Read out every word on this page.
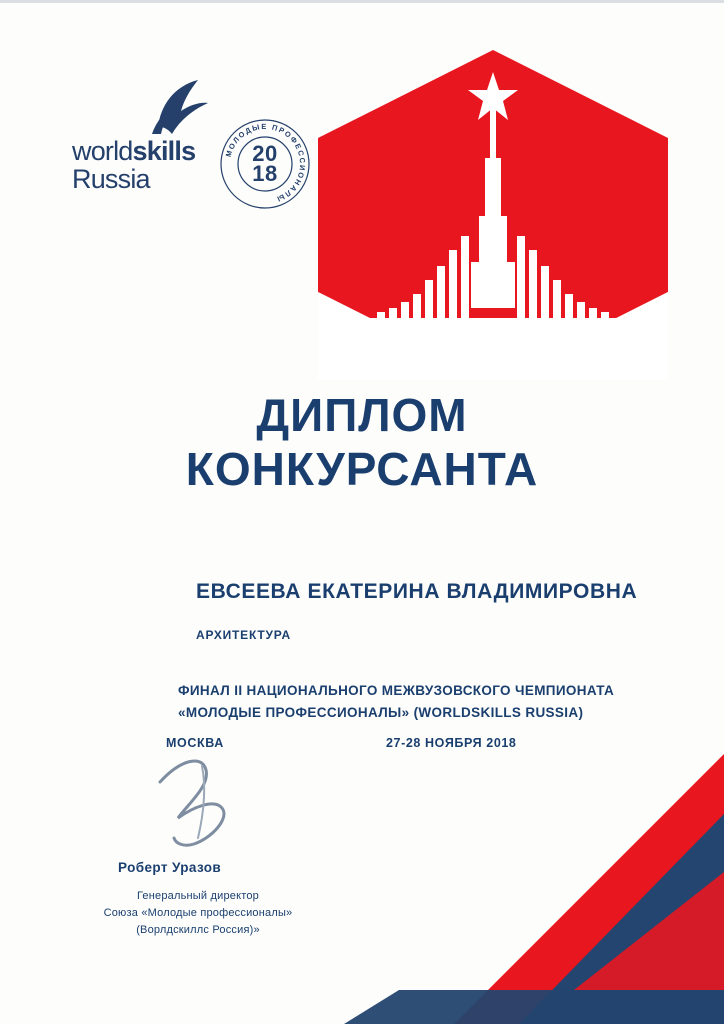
worldskills
Russia
МОЛОДЫЕ ПРОФЕССИОНАЛЫ
20
18
ДИПЛОМ
КОНКУРСАНТА
ЕВСЕЕВА ЕКАТЕРИНА ВЛАДИМИРОВНА
АРХИТЕКТУРА
ФИНАЛ II НАЦИОНАЛЬНОГО МЕЖВУЗОВСКОГО ЧЕМПИОНАТА
«МОЛОДЫЕ ПРОФЕССИОНАЛЫ» (WORLDSKILLS RUSSIA)
МОСКВА	27-28 НОЯБРЯ 2018
Роберт Уразов
Генеральный директор
Союза «Молодые профессионалы»
(Ворлдскиллс Россия)»
